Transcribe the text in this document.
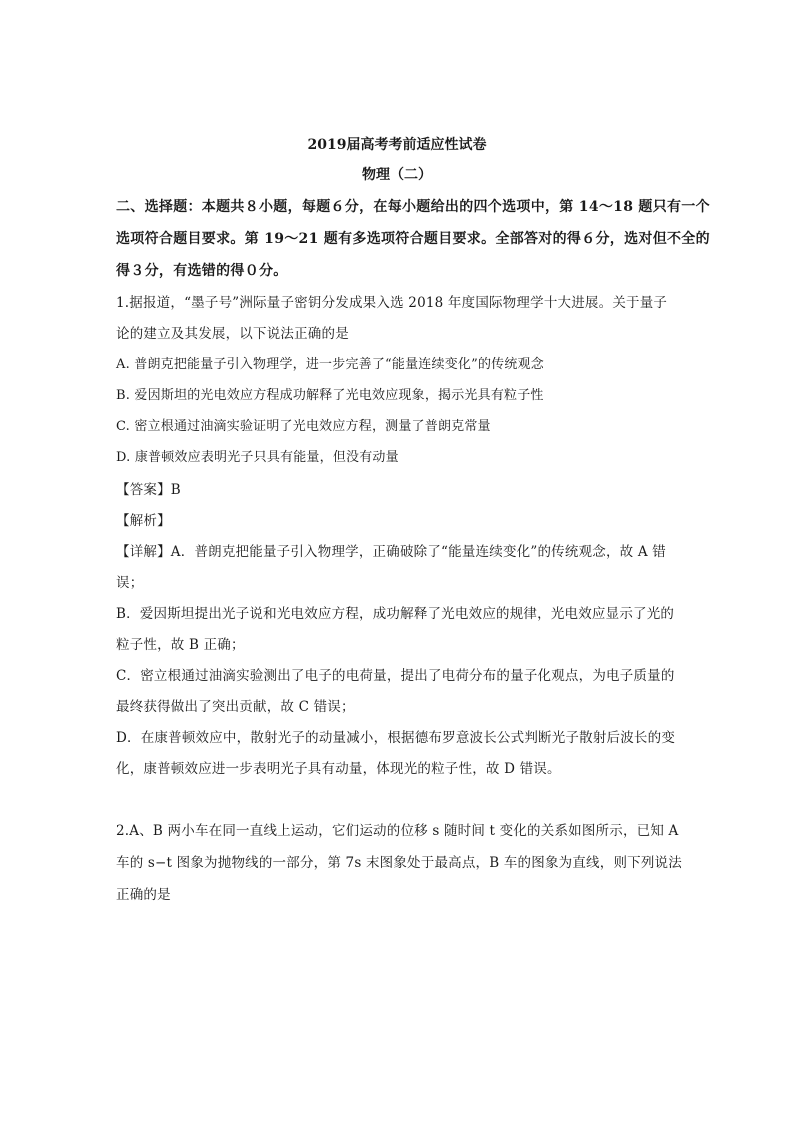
2019届高考考前适应性试卷
物理（二）
二、选择题：本题共８小题，每题６分，在每小题给出的四个选项中，第 14～18 题只有一个
选项符合题目要求。第 19～21 题有多选项符合题目要求。全部答对的得６分，选对但不全的
得３分，有选错的得０分。
1.据报道，“墨子号”洲际量子密钥分发成果入选 2018 年度国际物理学十大进展。关于量子
论的建立及其发展，以下说法正确的是
A. 普朗克把能量子引入物理学，进一步完善了“能量连续变化”的传统观念
B. 爱因斯坦的光电效应方程成功解释了光电效应现象，揭示光具有粒子性
C. 密立根通过油滴实验证明了光电效应方程，测量了普朗克常量
D. 康普顿效应表明光子只具有能量，但没有动量
【答案】B
【解析】
【详解】A．普朗克把能量子引入物理学，正确破除了“能量连续变化”的传统观念，故 A 错
误；
B．爱因斯坦提出光子说和光电效应方程，成功解释了光电效应的规律，光电效应显示了光的
粒子性，故 B 正确；
C．密立根通过油滴实验测出了电子的电荷量，提出了电荷分布的量子化观点，为电子质量的
最终获得做出了突出贡献，故 C 错误；
D．在康普顿效应中，散射光子的动量减小，根据德布罗意波长公式判断光子散射后波长的变
化，康普顿效应进一步表明光子具有动量，体现光的粒子性，故 D 错误。
2.A、B 两小车在同一直线上运动，它们运动的位移 s 随时间 t 变化的关系如图所示，已知 A
车的 s−t 图象为抛物线的一部分，第 7s 末图象处于最高点，B 车的图象为直线，则下列说法
正确的是
